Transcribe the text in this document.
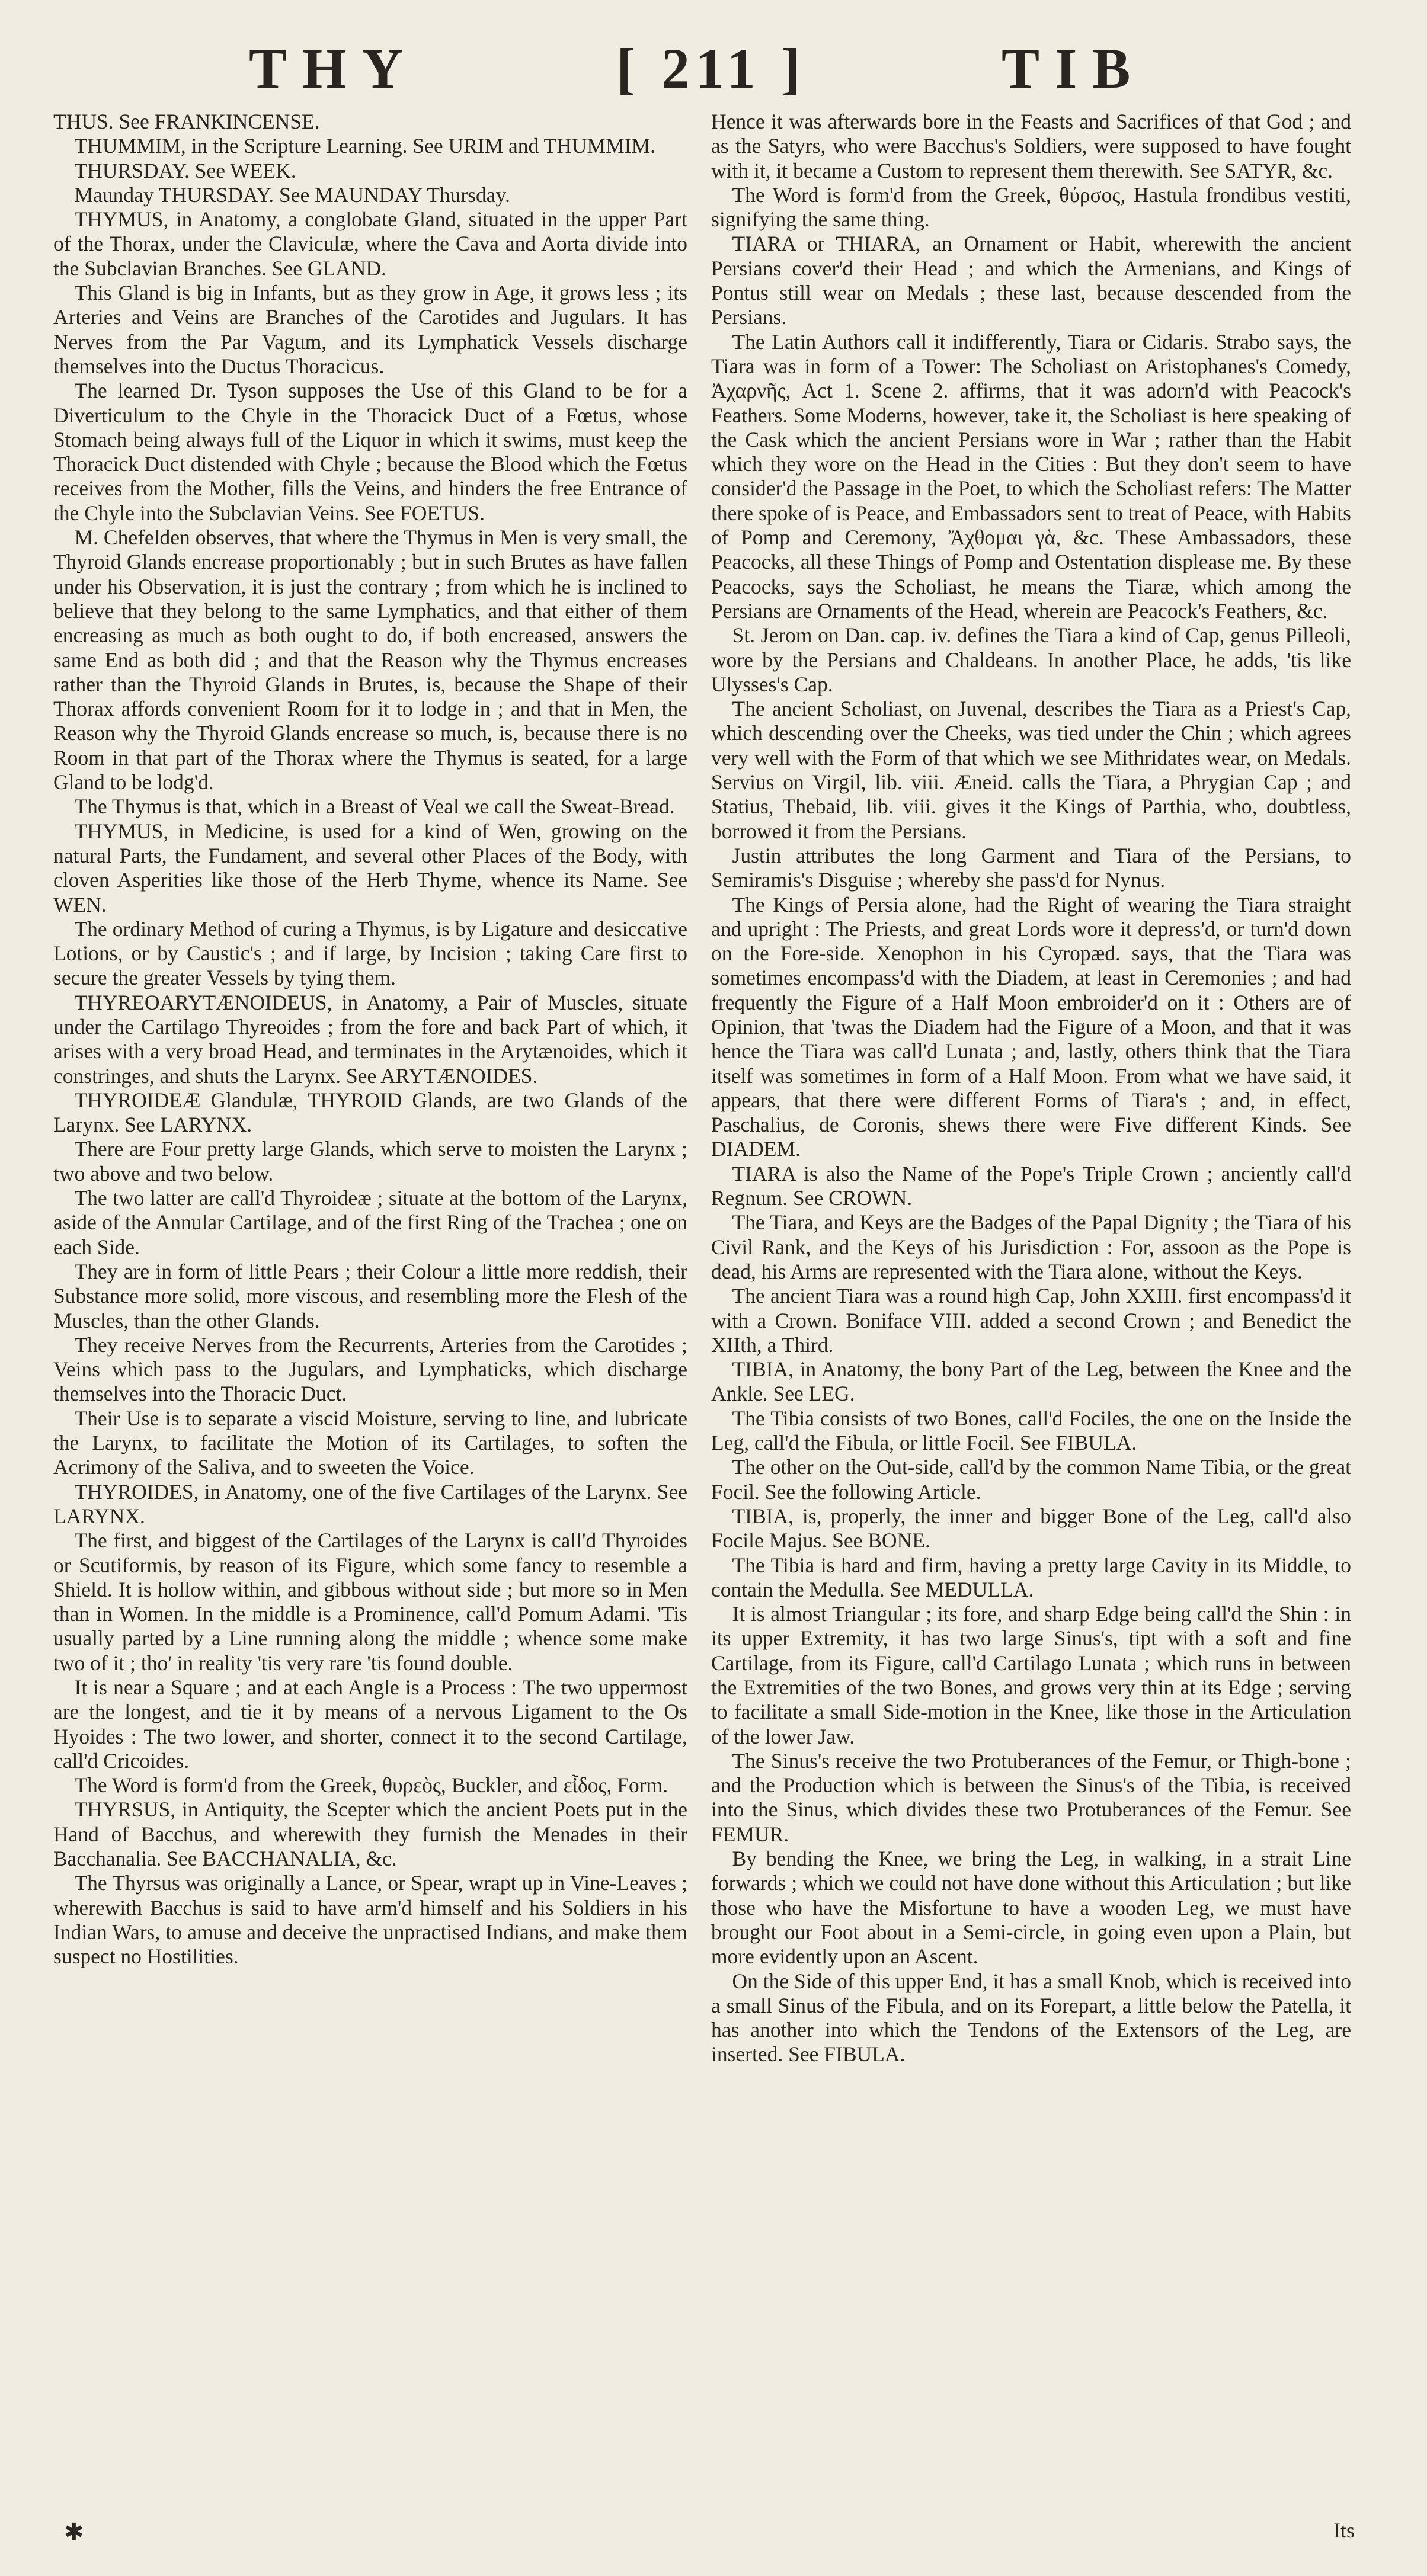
THY	[ 211 ]	TIB

THUS. See FRANKINCENSE.

THUMMIM, in the Scripture Learning. See URIM and THUMMIM.

THURSDAY. See WEEK.

Maunday THURSDAY. See MAUNDAY Thursday.

THYMUS, in Anatomy, a conglobate Gland, situated in the upper Part of the Thorax, under the Claviculæ, where the Cava and Aorta divide into the Subclavian Branches. See GLAND.

This Gland is big in Infants, but as they grow in Age, it grows less ; its Arteries and Veins are Branches of the Carotides and Jugulars. It has Nerves from the Par Vagum, and its Lymphatick Vessels discharge themselves into the Ductus Thoracicus.

The learned Dr. Tyson supposes the Use of this Gland to be for a Diverticulum to the Chyle in the Thoracick Duct of a Fœtus, whose Stomach being always full of the Liquor in which it swims, must keep the Thoracick Duct distended with Chyle ; because the Blood which the Fœtus receives from the Mother, fills the Veins, and hinders the free Entrance of the Chyle into the Subclavian Veins. See FOETUS.

M. Chefelden observes, that where the Thymus in Men is very small, the Thyroid Glands encrease proportionably ; but in such Brutes as have fallen under his Observation, it is just the contrary ; from which he is inclined to believe that they belong to the same Lymphatics, and that either of them encreasing as much as both ought to do, if both encreased, answers the same End as both did ; and that the Reason why the Thymus encreases rather than the Thyroid Glands in Brutes, is, because the Shape of their Thorax affords convenient Room for it to lodge in ; and that in Men, the Reason why the Thyroid Glands encrease so much, is, because there is no Room in that part of the Thorax where the Thymus is seated, for a large Gland to be lodg'd.

The Thymus is that, which in a Breast of Veal we call the Sweat-Bread.

THYMUS, in Medicine, is used for a kind of Wen, growing on the natural Parts, the Fundament, and several other Places of the Body, with cloven Asperities like those of the Herb Thyme, whence its Name. See WEN.

The ordinary Method of curing a Thymus, is by Ligature and desiccative Lotions, or by Caustic's ; and if large, by Incision ; taking Care first to secure the greater Vessels by tying them.

THYREOARYTÆNOIDEUS, in Anatomy, a Pair of Muscles, situate under the Cartilago Thyreoides ; from the fore and back Part of which, it arises with a very broad Head, and terminates in the Arytænoides, which it constringes, and shuts the Larynx. See ARYTÆNOIDES.

THYROIDEÆ Glandulæ, THYROID Glands, are two Glands of the Larynx. See LARYNX.

There are Four pretty large Glands, which serve to moisten the Larynx ; two above and two below.

The two latter are call'd Thyroideæ ; situate at the bottom of the Larynx, aside of the Annular Cartilage, and of the first Ring of the Trachea ; one on each Side.

They are in form of little Pears ; their Colour a little more reddish, their Substance more solid, more viscous, and resembling more the Flesh of the Muscles, than the other Glands.

They receive Nerves from the Recurrents, Arteries from the Carotides ; Veins which pass to the Jugulars, and Lymphaticks, which discharge themselves into the Thoracic Duct.

Their Use is to separate a viscid Moisture, serving to line, and lubricate the Larynx, to facilitate the Motion of its Cartilages, to soften the Acrimony of the Saliva, and to sweeten the Voice.

THYROIDES, in Anatomy, one of the five Cartilages of the Larynx. See LARYNX.

The first, and biggest of the Cartilages of the Larynx is call'd Thyroides or Scutiformis, by reason of its Figure, which some fancy to resemble a Shield. It is hollow within, and gibbous without side ; but more so in Men than in Women. In the middle is a Prominence, call'd Pomum Adami. 'Tis usually parted by a Line running along the middle ; whence some make two of it ; tho' in reality 'tis very rare 'tis found double.

It is near a Square ; and at each Angle is a Process : The two uppermost are the longest, and tie it by means of a nervous Ligament to the Os Hyoides : The two lower, and shorter, connect it to the second Cartilage, call'd Cricoides.

The Word is form'd from the Greek, θυρεὸς, Buckler, and εἶδος, Form.

THYRSUS, in Antiquity, the Scepter which the ancient Poets put in the Hand of Bacchus, and wherewith they furnish the Menades in their Bacchanalia. See BACCHANALIA, &c.

The Thyrsus was originally a Lance, or Spear, wrapt up in Vine-Leaves ; wherewith Bacchus is said to have arm'd himself and his Soldiers in his Indian Wars, to amuse and deceive the unpractised Indians, and make them suspect no Hostilities.

Hence it was afterwards bore in the Feasts and Sacrifices of that God ; and as the Satyrs, who were Bacchus's Soldiers, were supposed to have fought with it, it became a Custom to represent them therewith. See SATYR, &c.

The Word is form'd from the Greek, θύρσος, Hastula frondibus vestiti, signifying the same thing.

TIARA or THIARA, an Ornament or Habit, wherewith the ancient Persians cover'd their Head ; and which the Armenians, and Kings of Pontus still wear on Medals ; these last, because descended from the Persians.

The Latin Authors call it indifferently, Tiara or Cidaris. Strabo says, the Tiara was in form of a Tower: The Scholiast on Aristophanes's Comedy, Ἀχαρνῆς, Act 1. Scene 2. affirms, that it was adorn'd with Peacock's Feathers. Some Moderns, however, take it, the Scholiast is here speaking of the Cask which the ancient Persians wore in War ; rather than the Habit which they wore on the Head in the Cities : But they don't seem to have consider'd the Passage in the Poet, to which the Scholiast refers: The Matter there spoke of is Peace, and Embassadors sent to treat of Peace, with Habits of Pomp and Ceremony, Ἄχθομαι γὰ, &c. These Ambassadors, these Peacocks, all these Things of Pomp and Ostentation displease me. By these Peacocks, says the Scholiast, he means the Tiaræ, which among the Persians are Ornaments of the Head, wherein are Peacock's Feathers, &c.

St. Jerom on Dan. cap. iv. defines the Tiara a kind of Cap, genus Pilleoli, wore by the Persians and Chaldeans. In another Place, he adds, 'tis like Ulysses's Cap.

The ancient Scholiast, on Juvenal, describes the Tiara as a Priest's Cap, which descending over the Cheeks, was tied under the Chin ; which agrees very well with the Form of that which we see Mithridates wear, on Medals. Servius on Virgil, lib. viii. Æneid. calls the Tiara, a Phrygian Cap ; and Statius, Thebaid, lib. viii. gives it the Kings of Parthia, who, doubtless, borrowed it from the Persians.

Justin attributes the long Garment and Tiara of the Persians, to Semiramis's Disguise ; whereby she pass'd for Nynus.

The Kings of Persia alone, had the Right of wearing the Tiara straight and upright : The Priests, and great Lords wore it depress'd, or turn'd down on the Fore-side. Xenophon in his Cyropæd. says, that the Tiara was sometimes encompass'd with the Diadem, at least in Ceremonies ; and had frequently the Figure of a Half Moon embroider'd on it : Others are of Opinion, that 'twas the Diadem had the Figure of a Moon, and that it was hence the Tiara was call'd Lunata ; and, lastly, others think that the Tiara itself was sometimes in form of a Half Moon. From what we have said, it appears, that there were different Forms of Tiara's ; and, in effect, Paschalius, de Coronis, shews there were Five different Kinds. See DIADEM.

TIARA is also the Name of the Pope's Triple Crown ; anciently call'd Regnum. See CROWN.

The Tiara, and Keys are the Badges of the Papal Dignity ; the Tiara of his Civil Rank, and the Keys of his Jurisdiction : For, assoon as the Pope is dead, his Arms are represented with the Tiara alone, without the Keys.

The ancient Tiara was a round high Cap, John XXIII. first encompass'd it with a Crown. Boniface VIII. added a second Crown ; and Benedict the XIIth, a Third.

TIBIA, in Anatomy, the bony Part of the Leg, between the Knee and the Ankle. See LEG.

The Tibia consists of two Bones, call'd Fociles, the one on the Inside the Leg, call'd the Fibula, or little Focil. See FIBULA.

The other on the Out-side, call'd by the common Name Tibia, or the great Focil. See the following Article.

TIBIA, is, properly, the inner and bigger Bone of the Leg, call'd also Focile Majus. See BONE.

The Tibia is hard and firm, having a pretty large Cavity in its Middle, to contain the Medulla. See MEDULLA.

It is almost Triangular ; its fore, and sharp Edge being call'd the Shin : in its upper Extremity, it has two large Sinus's, tipt with a soft and fine Cartilage, from its Figure, call'd Cartilago Lunata ; which runs in between the Extremities of the two Bones, and grows very thin at its Edge ; serving to facilitate a small Side-motion in the Knee, like those in the Articulation of the lower Jaw.

The Sinus's receive the two Protuberances of the Femur, or Thigh-bone ; and the Production which is between the Sinus's of the Tibia, is received into the Sinus, which divides these two Protuberances of the Femur. See FEMUR.

By bending the Knee, we bring the Leg, in walking, in a strait Line forwards ; which we could not have done without this Articulation ; but like those who have the Misfortune to have a wooden Leg, we must have brought our Foot about in a Semi-circle, in going even upon a Plain, but more evidently upon an Ascent.

On the Side of this upper End, it has a small Knob, which is received into a small Sinus of the Fibula, and on its Forepart, a little below the Patella, it has another into which the Tendons of the Extensors of the Leg, are inserted. See FIBULA.

✱	Its
